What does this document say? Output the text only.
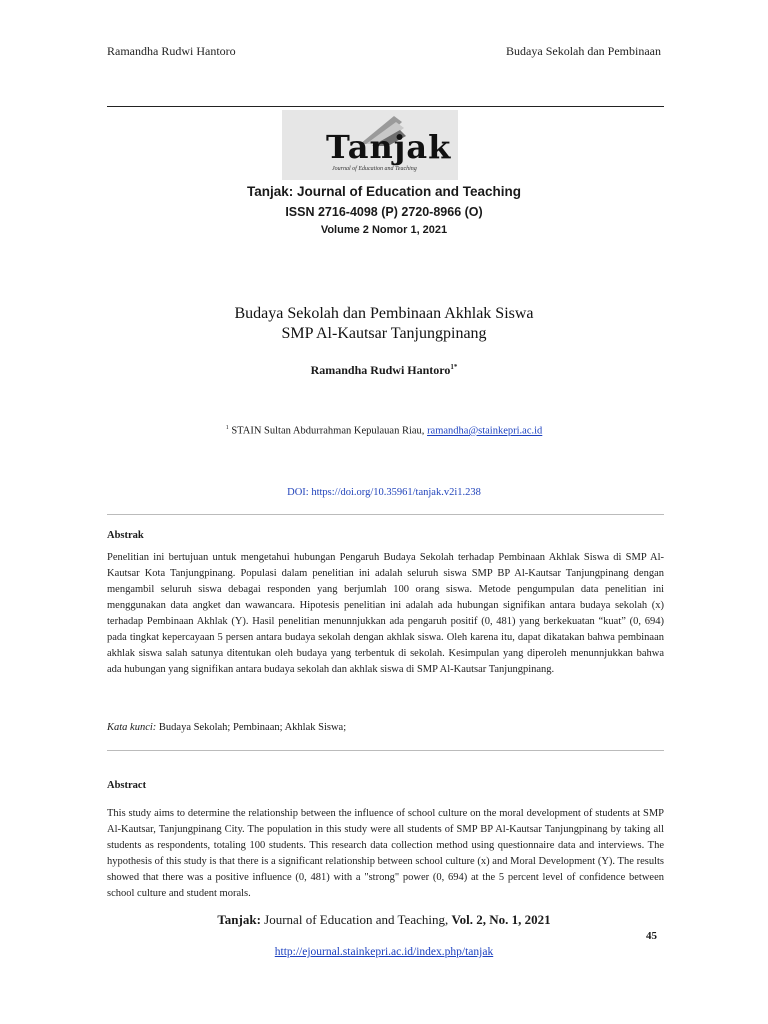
Ramandha Rudwi Hantoro	Budaya Sekolah dan Pembinaan
Tanjak
Journal of Education and Teaching
Tanjak: Journal of Education and Teaching
ISSN 2716-4098 (P) 2720-8966 (O)
Volume 2 Nomor 1, 2021
Budaya Sekolah dan Pembinaan Akhlak Siswa
SMP Al-Kautsar Tanjungpinang
Ramandha Rudwi Hantoro$^{1*}$
$^1$ STAIN Sultan Abdurrahman Kepulauan Riau, ramandha@stainkepri.ac.id
DOI: https://doi.org/10.35961/tanjak.v2i1.238
Abstrak
Penelitian ini bertujuan untuk mengetahui hubungan Pengaruh Budaya Sekolah terhadap Pembinaan Akhlak Siswa di SMP Al-Kautsar Kota Tanjungpinang. Populasi dalam penelitian ini adalah seluruh siswa SMP BP Al-Kautsar Tanjungpinang dengan mengambil seluruh siswa debagai responden yang berjumlah 100 orang siswa. Metode pengumpulan data penelitian ini menggunakan data angket dan wawancara. Hipotesis penelitian ini adalah ada hubungan signifikan antara budaya sekolah (x) terhadap Pembinaan Akhlak (Y). Hasil penelitian menunnjukkan ada pengaruh positif (0, 481) yang berkekuatan “kuat” (0, 694) pada tingkat kepercayaan 5 persen antara budaya sekolah dengan akhlak siswa. Oleh karena itu, dapat dikatakan bahwa pembinaan akhlak siswa salah satunya ditentukan oleh budaya yang terbentuk di sekolah. Kesimpulan yang diperoleh menunnjukkan bahwa ada hubungan yang signifikan antara budaya sekolah dan akhlak siswa di SMP Al-Kautsar Tanjungpinang.
Kata kunci: Budaya Sekolah; Pembinaan; Akhlak Siswa;
Abstract
This study aims to determine the relationship between the influence of school culture on the moral development of students at SMP Al-Kautsar, Tanjungpinang City. The population in this study were all students of SMP BP Al-Kautsar Tanjungpinang by taking all students as respondents, totaling 100 students. This research data collection method using questionnaire data and interviews. The hypothesis of this study is that there is a significant relationship between school culture (x) and Moral Development (Y). The results showed that there was a positive influence (0, 481) with a "strong" power (0, 694) at the 5 percent level of confidence between school culture and student morals.
Tanjak: Journal of Education and Teaching, Vol. 2, No. 1, 2021
45
http://ejournal.stainkepri.ac.id/index.php/tanjak
